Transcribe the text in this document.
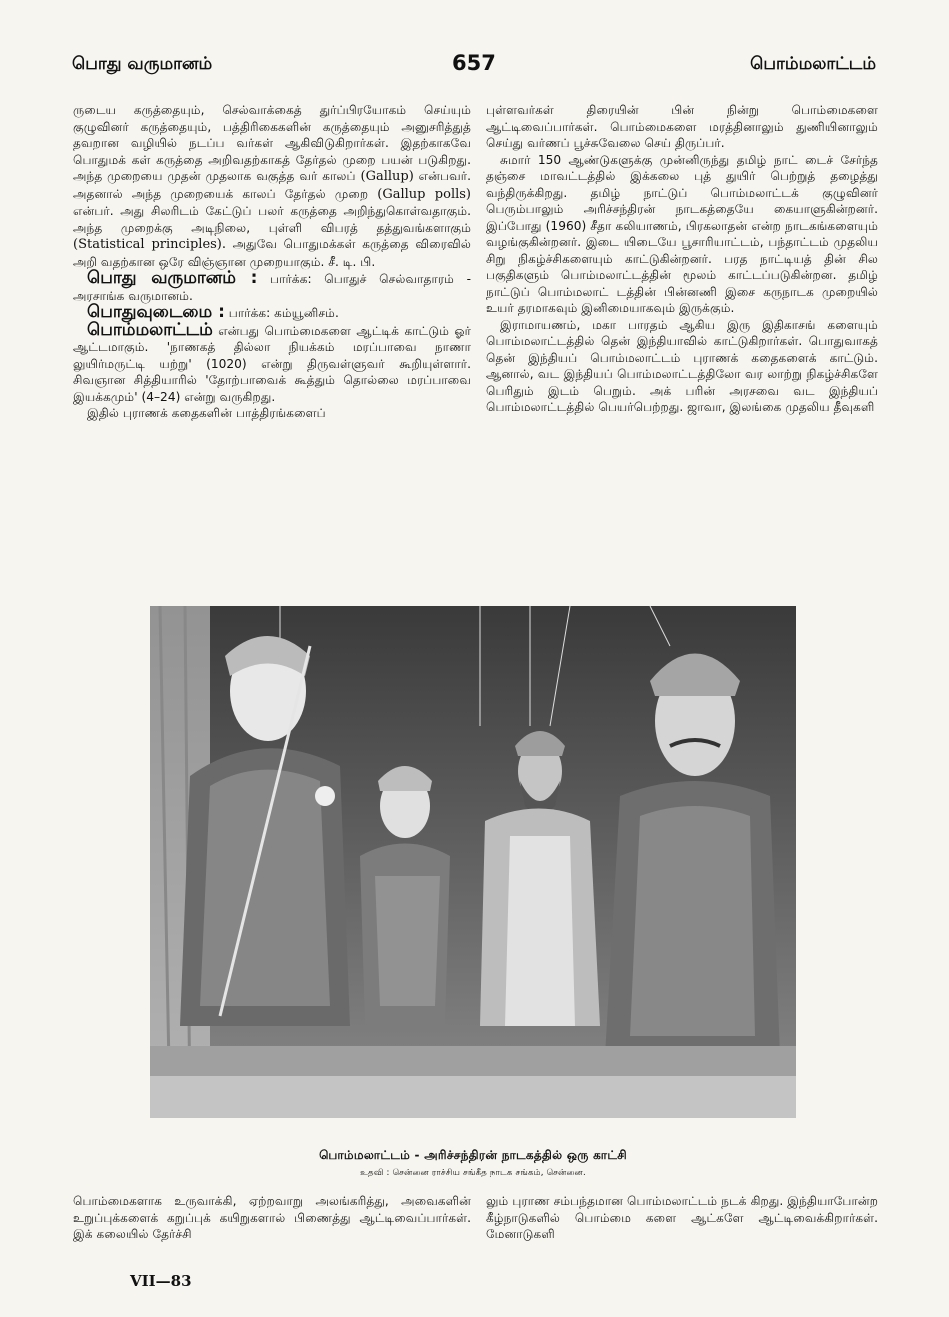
பொது வருமானம்	657	பொம்மலாட்டம்

ருடைய கருத்தையும், செல்வாக்கைத் துர்ப்பிரயோகம் செய்யும் குழுவினர் கருத்தையும், பத்திரிகைகளின் கருத்தையும் அனுசரித்துத் தவறான வழியில் நடப்ப வர்கள் ஆகிவிடுகிறார்கள். இதற்காகவே பொதுமக் கள் கருத்தை அறிவதற்காகத் தேர்தல் முறை பயன் படுகிறது. அந்த முறையை முதன் முதலாக வகுத்த வர் காலப் (Gallup) என்பவர். அதனால் அந்த முறையைக் காலப் தேர்தல் முறை (Gallup polls) என்பர். அது சிலரிடம் கேட்டுப் பலர் கருத்தை அறிந்துகொள்வதாகும். அந்த முறைக்கு அடிநிலை, புள்ளி விபரத் தத்துவங்களாகும் (Statistical principles). அதுவே பொதுமக்கள் கருத்தை விரைவில் அறி வதற்கான ஒரே விஞ்ஞான முறையாகும். சீ. டி. பி.

பொது வருமானம் : பார்க்க: பொதுச் செல்வாதாரம் - அரசாங்க வருமானம்.

பொதுவுடைமை : பார்க்க: கம்யூனிசம்.

பொம்மலாட்டம் என்பது பொம்மைகளை ஆட்டிக் காட்டும் ஓர் ஆட்டமாகும். 'நாணகத் தில்லா நியக்கம் மரப்பாவை நாணா லுயிர்மருட்டி யற்று' (1020) என்று திருவள்ளுவர் கூறியுள்ளார். சிவஞான சித்தியாரில் 'தோற்பாவைக் கூத்தும் தொல்லை மரப்பாவை இயக்கமும்' (4–24) என்று வருகிறது.

இதில் புராணக் கதைகளின் பாத்திரங்களைப்

புள்ளவர்கள் திரையின் பின் நின்று பொம்மைகளை ஆட்டிவைப்பார்கள். பொம்மைகளை மரத்தினாலும் துணியினாலும் செய்து வர்ணப் பூச்சுவேலை செய் திருப்பர்.

சுமார் 150 ஆண்டுகளுக்கு முன்னிருந்து தமிழ் நாட் டைச் சேர்ந்த தஞ்சை மாவட்டத்தில் இக்கலை புத் துயிர் பெற்றுத் தழைத்து வந்திருக்கிறது. தமிழ் நாட்டுப் பொம்மலாட்டக் குழுவினர் பெரும்பாலும் அரிச்சந்திரன் நாடகத்தையே கையாளுகின்றனர். இப்போது (1960) சீதா கலியாணம், பிரகலாதன் என்ற நாடகங்களையும் வழங்குகின்றனர். இடை யிடையே பூசாரியாட்டம், பந்தாட்டம் முதலிய சிறு நிகழ்ச்சிகளையும் காட்டுகின்றனர். பரத நாட்டியத் தின் சில பகுதிகளும் பொம்மலாட்டத்தின் மூலம் காட்டப்படுகின்றன. தமிழ் நாட்டுப் பொம்மலாட் டத்தின் பின்னணி இசை கருநாடக முறையில் உயர் தரமாகவும் இனிமையாகவும் இருக்கும்.

இராமாயணம், மகா பாரதம் ஆகிய இரு இதிகாசங் களையும் பொம்மலாட்டத்தில் தென் இந்தியாவில் காட்டுகிறார்கள். பொதுவாகத் தென் இந்தியப் பொம்மலாட்டம் புராணக் கதைகளைக் காட்டும். ஆனால், வட இந்தியப் பொம்மலாட்டத்திலோ வர லாற்று நிகழ்ச்சிகளே பெரிதும் இடம் பெறும். அக் பரின் அரசவை வட இந்தியப் பொம்மலாட்டத்தில் பெயர்பெற்றது. ஜாவா, இலங்கை முதலிய தீவுகளி

பொம்மலாட்டம் - அரிச்சந்திரன் நாடகத்தில் ஒரு காட்சி
உதவி : சென்னை ராச்சிய சங்கீத நாடக சங்கம், சென்னை.

பொம்மைகளாக உருவாக்கி, ஏற்றவாறு அலங்கரித்து, அவைகளின் உறுப்புக்களைக் கறுப்புக் கயிறுகளால் பிணைத்து ஆட்டிவைப்பார்கள். இக் கலையில் தேர்ச்சி

லும் புராண சம்பந்தமான பொம்மலாட்டம் நடக் கிறது. இந்தியாபோன்ற கீழ்நாடுகளில் பொம்மை களை ஆட்களே ஆட்டிவைக்கிறார்கள். மேனாடுகளி

VII—83
